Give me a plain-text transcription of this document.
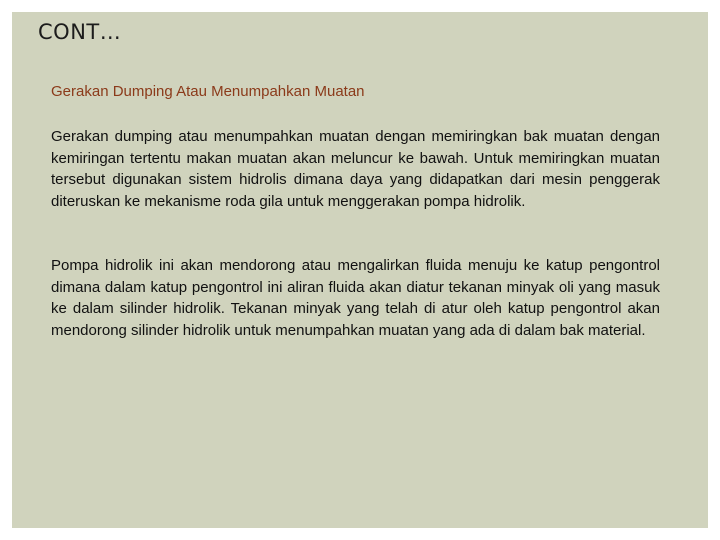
CONT…
Gerakan Dumping Atau Menumpahkan Muatan
Gerakan dumping atau menumpahkan muatan dengan memiringkan bak muatan dengan kemiringan tertentu makan muatan akan meluncur ke bawah. Untuk memiringkan muatan tersebut digunakan sistem hidrolis dimana daya yang didapatkan dari mesin penggerak diteruskan ke mekanisme roda gila untuk menggerakan pompa hidrolik.
Pompa hidrolik ini akan mendorong atau mengalirkan fluida menuju ke katup pengontrol dimana dalam katup pengontrol ini aliran fluida akan diatur tekanan minyak oli yang masuk ke dalam silinder hidrolik. Tekanan minyak yang telah di atur oleh katup pengontrol akan mendorong silinder hidrolik untuk menumpahkan muatan yang ada di dalam bak material.
